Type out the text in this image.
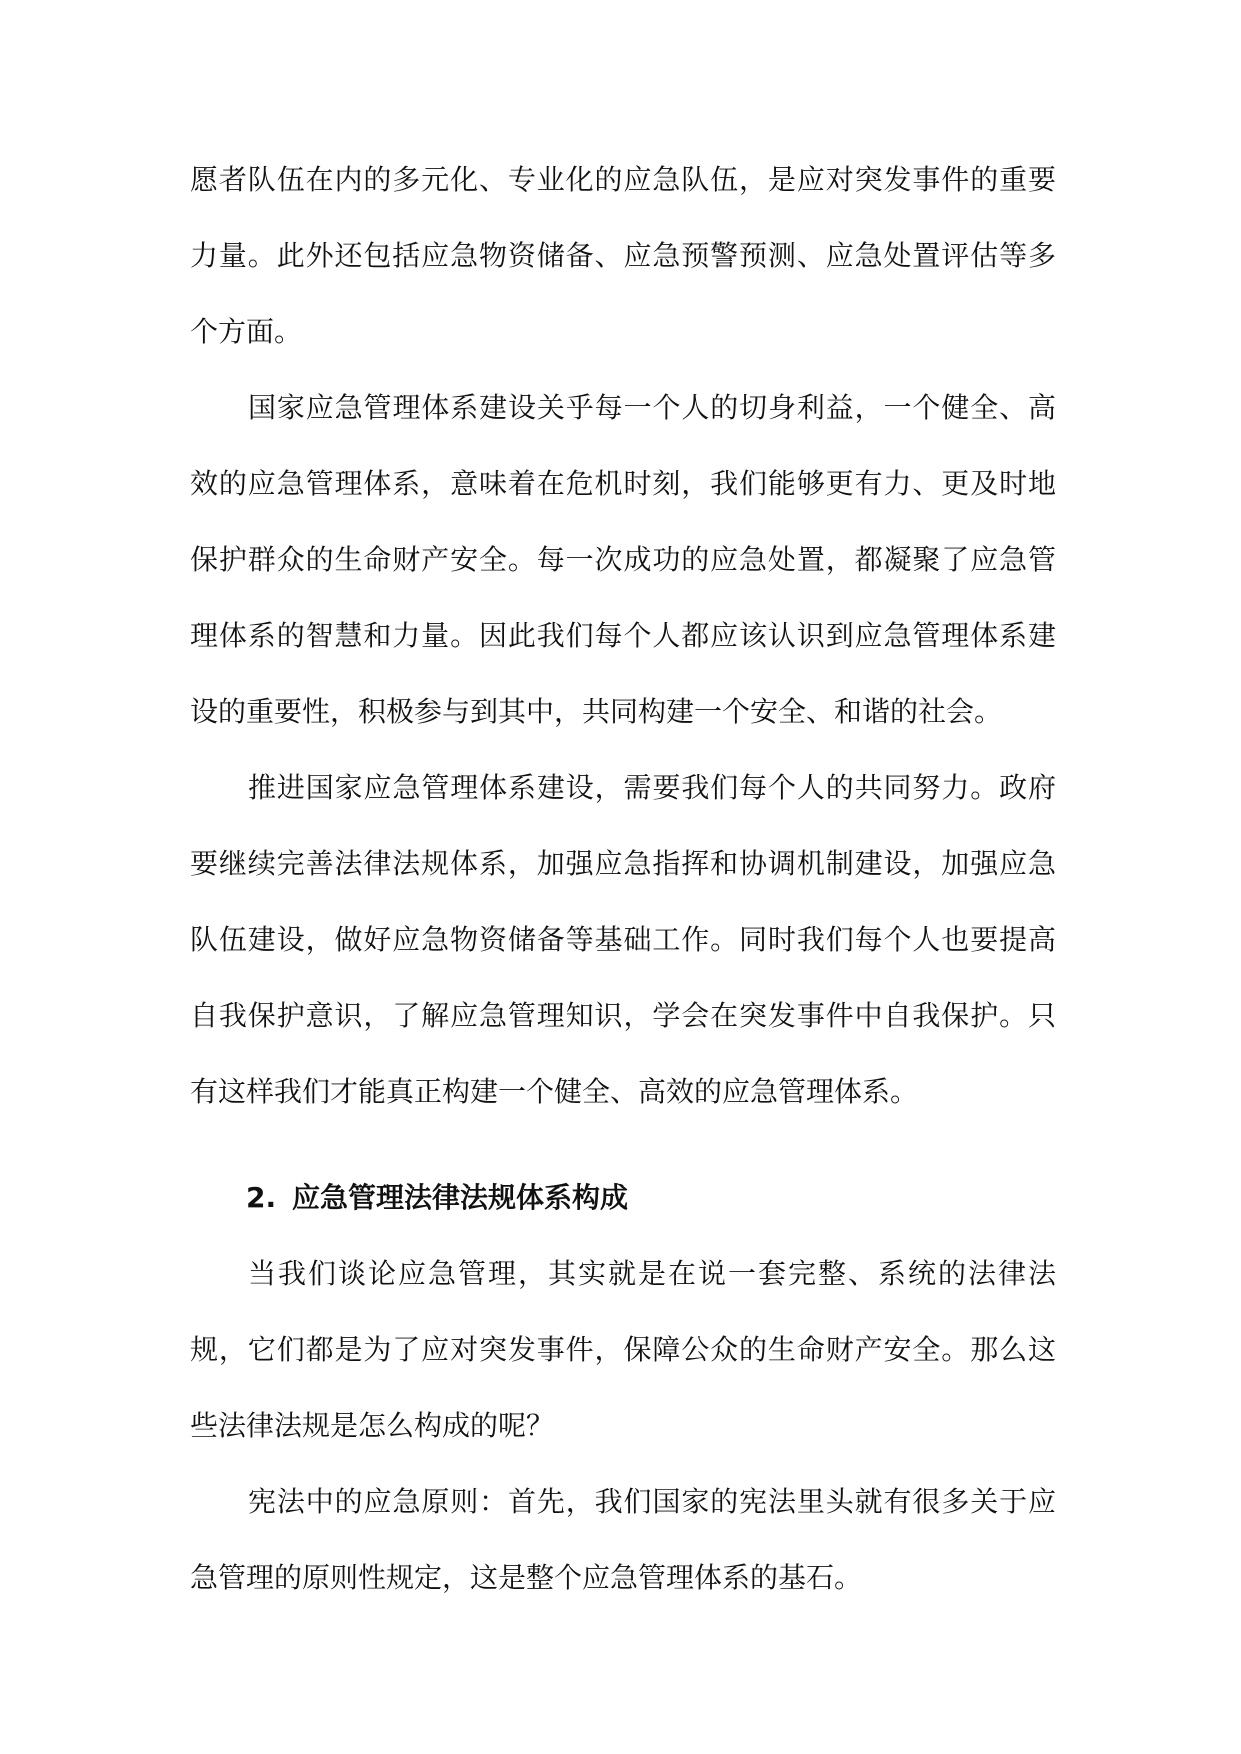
愿者队伍在内的多元化、专业化的应急队伍，是应对突发事件的重要力量。此外还包括应急物资储备、应急预警预测、应急处置评估等多个方面。

国家应急管理体系建设关乎每一个人的切身利益，一个健全、高效的应急管理体系，意味着在危机时刻，我们能够更有力、更及时地保护群众的生命财产安全。每一次成功的应急处置，都凝聚了应急管理体系的智慧和力量。因此我们每个人都应该认识到应急管理体系建设的重要性，积极参与到其中，共同构建一个安全、和谐的社会。

推进国家应急管理体系建设，需要我们每个人的共同努力。政府要继续完善法律法规体系，加强应急指挥和协调机制建设，加强应急队伍建设，做好应急物资储备等基础工作。同时我们每个人也要提高自我保护意识，了解应急管理知识，学会在突发事件中自我保护。只有这样我们才能真正构建一个健全、高效的应急管理体系。

2. 应急管理法律法规体系构成

当我们谈论应急管理，其实就是在说一套完整、系统的法律法规，它们都是为了应对突发事件，保障公众的生命财产安全。那么这些法律法规是怎么构成的呢？

宪法中的应急原则：首先，我们国家的宪法里头就有很多关于应急管理的原则性规定，这是整个应急管理体系的基石。
